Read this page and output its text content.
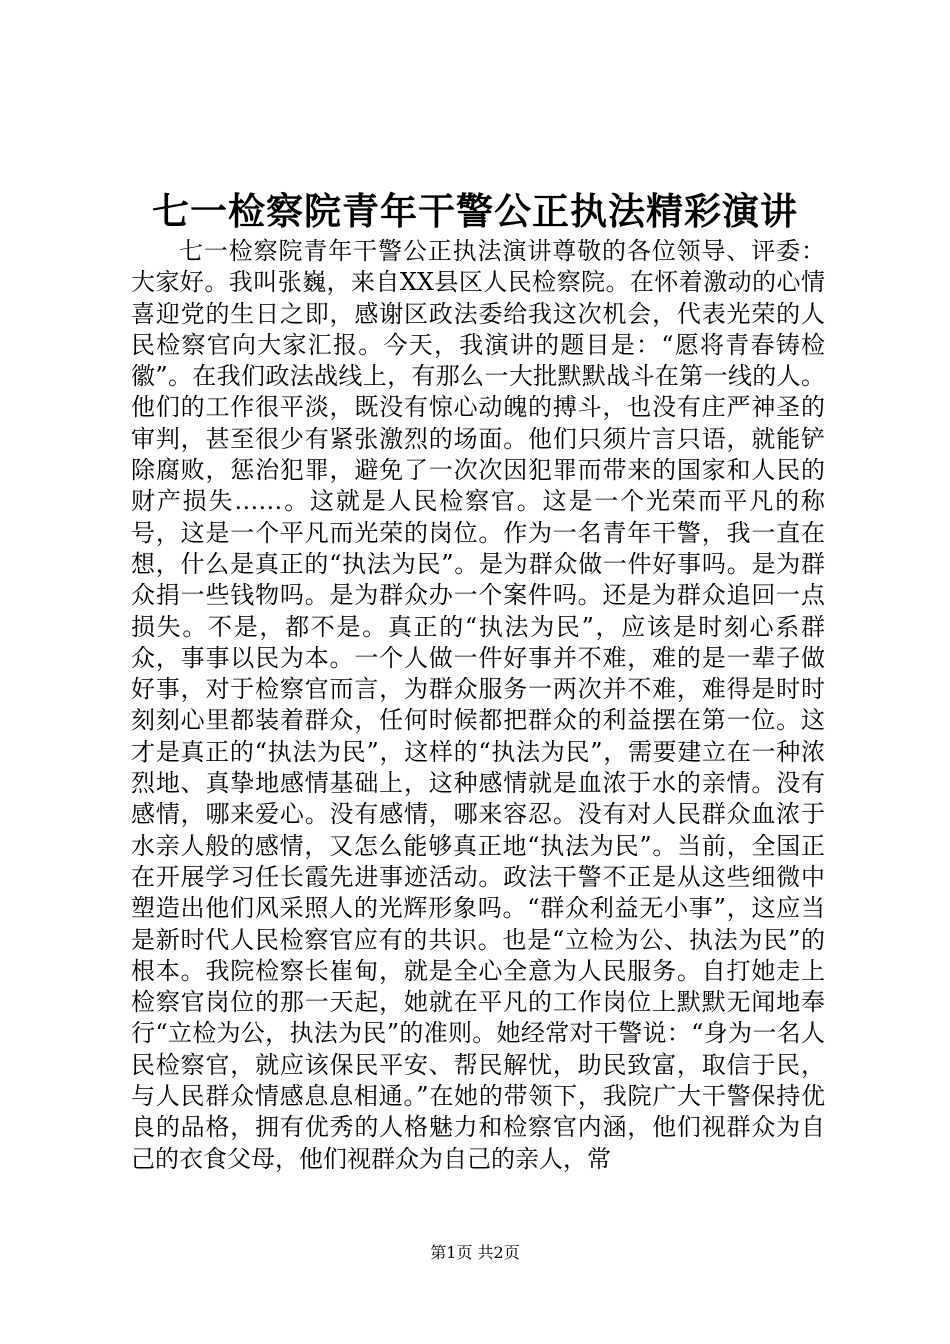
七一检察院青年干警公正执法精彩演讲

七一检察院青年干警公正执法演讲尊敬的各位领导、评委：大家好。我叫张巍，来自XX县区人民检察院。在怀着激动的心情喜迎党的生日之即，感谢区政法委给我这次机会，代表光荣的人民检察官向大家汇报。今天，我演讲的题目是：“愿将青春铸检徽”。在我们政法战线上，有那么一大批默默战斗在第一线的人。他们的工作很平淡，既没有惊心动魄的搏斗，也没有庄严神圣的审判，甚至很少有紧张激烈的场面。他们只须片言只语，就能铲除腐败，惩治犯罪，避免了一次次因犯罪而带来的国家和人民的财产损失……。这就是人民检察官。这是一个光荣而平凡的称号，这是一个平凡而光荣的岗位。作为一名青年干警，我一直在想，什么是真正的“执法为民”。是为群众做一件好事吗。是为群众捐一些钱物吗。是为群众办一个案件吗。还是为群众追回一点损失。不是，都不是。真正的“执法为民”，应该是时刻心系群众，事事以民为本。一个人做一件好事并不难，难的是一辈子做好事，对于检察官而言，为群众服务一两次并不难，难得是时时刻刻心里都装着群众，任何时候都把群众的利益摆在第一位。这才是真正的“执法为民”，这样的“执法为民”，需要建立在一种浓烈地、真挚地感情基础上，这种感情就是血浓于水的亲情。没有感情，哪来爱心。没有感情，哪来容忍。没有对人民群众血浓于水亲人般的感情，又怎么能够真正地“执法为民”。当前，全国正在开展学习任长霞先进事迹活动。政法干警不正是从这些细微中塑造出他们风采照人的光辉形象吗。“群众利益无小事”，这应当是新时代人民检察官应有的共识。也是“立检为公、执法为民”的根本。我院检察长崔甸，就是全心全意为人民服务。自打她走上检察官岗位的那一天起，她就在平凡的工作岗位上默默无闻地奉行“立检为公，执法为民”的准则。她经常对干警说：“身为一名人民检察官，就应该保民平安、帮民解忧，助民致富，取信于民，与人民群众情感息息相通。”在她的带领下，我院广大干警保持优良的品格，拥有优秀的人格魅力和检察官内涵，他们视群众为自己的衣食父母，他们视群众为自己的亲人，常

第1页 共2页
